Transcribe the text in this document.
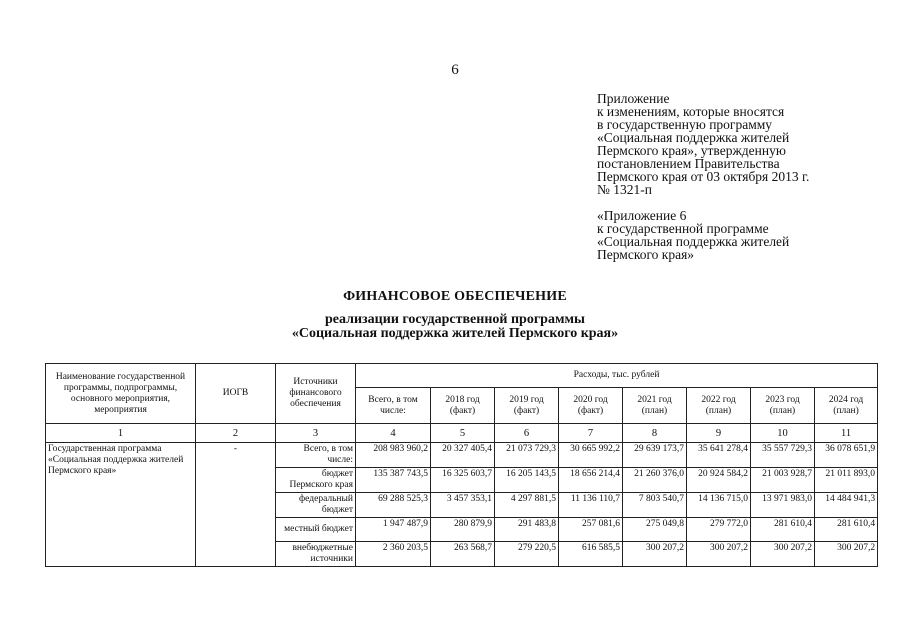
6
Приложение
к изменениям, которые вносятся
в государственную программу
«Социальная поддержка жителей
Пермского края», утвержденную
постановлением Правительства
Пермского края от 03 октября 2013 г.
№ 1321-п
«Приложение 6
к государственной программе
«Социальная поддержка жителей
Пермского края»
ФИНАНСОВОЕ ОБЕСПЕЧЕНИЕ
реализации государственной программы
«Социальная поддержка жителей Пермского края»
Наименование государственной программы, подпрограммы, основного мероприятия, мероприятия	ИОГВ	Источники финансового обеспечения	Расходы, тыс. рублей							
			Всего, в том числе:	2018 год (факт)	2019 год (факт)	2020 год (факт)	2021 год (план)	2022 год (план)	2023 год (план)	2024 год (план)
1	2	3	4	5	6	7	8	9	10	11
Государственная программа «Социальная поддержка жителей Пермского края»	-	Всего, в том числе:	208 983 960,2	20 327 405,4	21 073 729,3	30 665 992,2	29 639 173,7	35 641 278,4	35 557 729,3	36 078 651,9
		бюджет Пермского края	135 387 743,5	16 325 603,7	16 205 143,5	18 656 214,4	21 260 376,0	20 924 584,2	21 003 928,7	21 011 893,0
		федеральный бюджет	69 288 525,3	3 457 353,1	4 297 881,5	11 136 110,7	7 803 540,7	14 136 715,0	13 971 983,0	14 484 941,3
		местный бюджет	1 947 487,9	280 879,9	291 483,8	257 081,6	275 049,8	279 772,0	281 610,4	281 610,4
		внебюджетные источники	2 360 203,5	263 568,7	279 220,5	616 585,5	300 207,2	300 207,2	300 207,2	300 207,2
